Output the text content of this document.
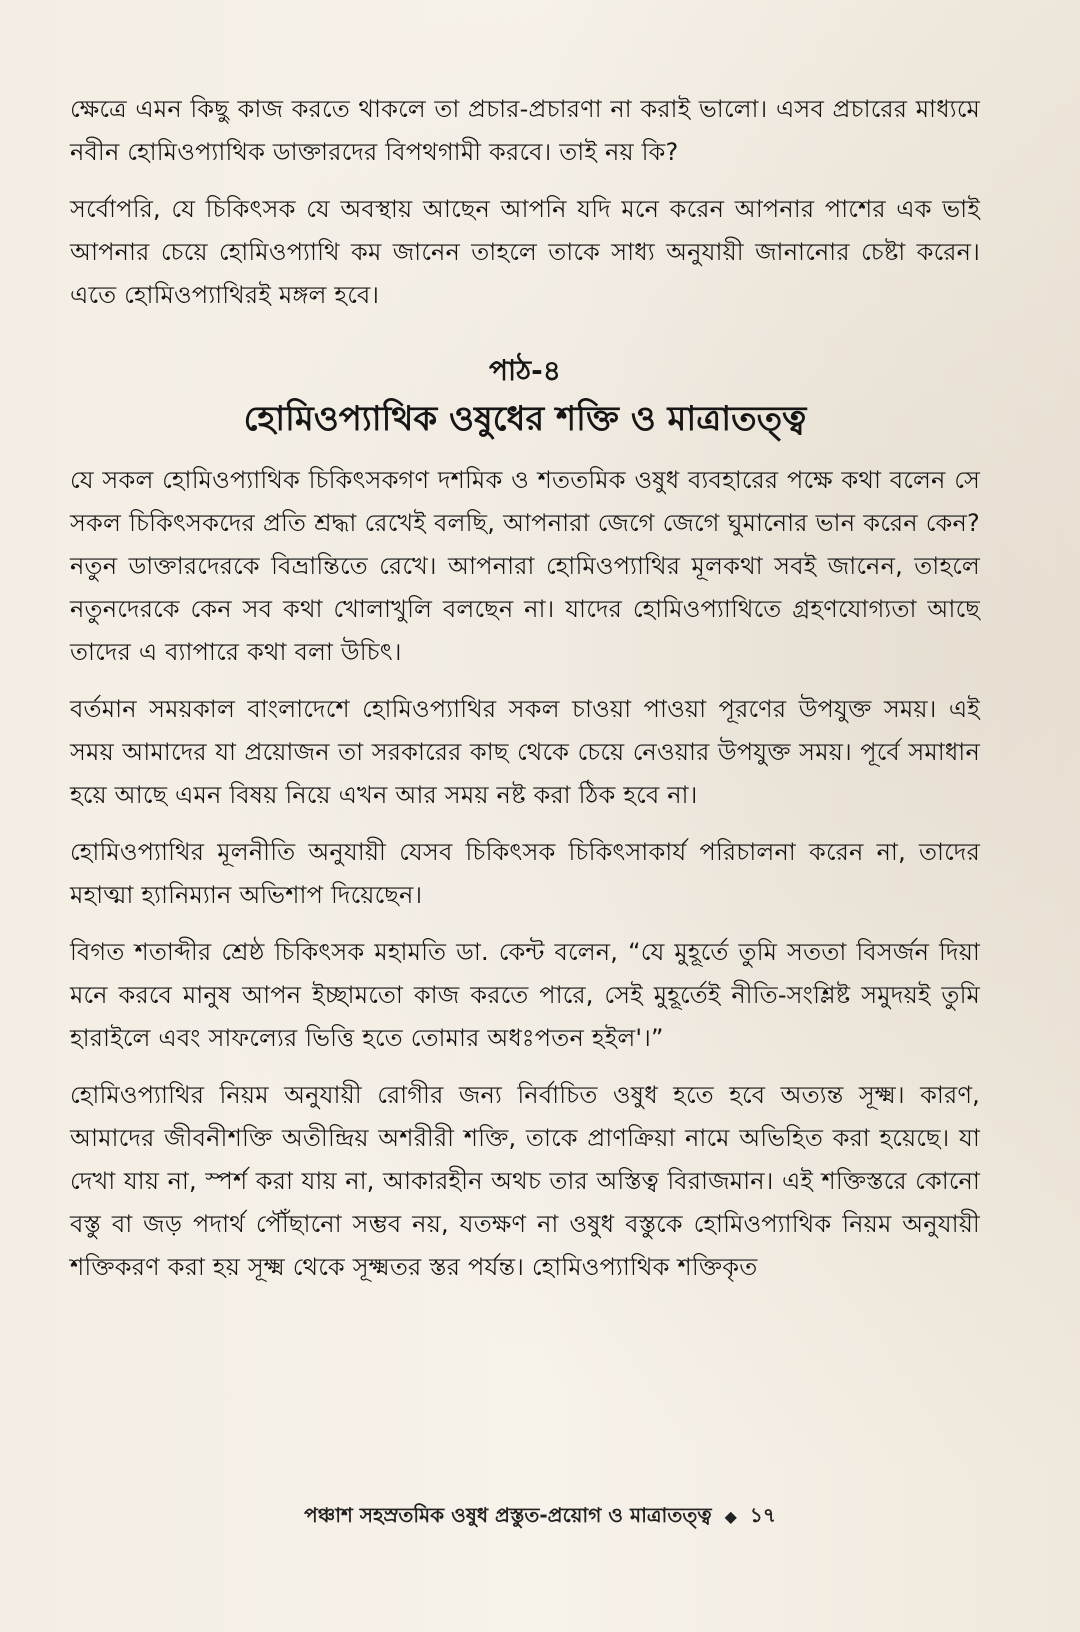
ক্ষেত্রে এমন কিছু কাজ করতে থাকলে তা প্রচার-প্রচারণা না করাই ভালো। এসব প্রচারের মাধ্যমে নবীন হোমিওপ্যাথিক ডাক্তারদের বিপথগামী করবে। তাই নয় কি?

সর্বোপরি, যে চিকিৎসক যে অবস্থায় আছেন আপনি যদি মনে করেন আপনার পাশের এক ভাই আপনার চেয়ে হোমিওপ্যাথি কম জানেন তাহলে তাকে সাধ্য অনুযায়ী জানানোর চেষ্টা করেন। এতে হোমিওপ্যাথিরই মঙ্গল হবে।

পাঠ-৪
হোমিওপ্যাথিক ওষুধের শক্তি ও মাত্রাতত্ত্ব

যে সকল হোমিওপ্যাথিক চিকিৎসকগণ দশমিক ও শততমিক ওষুধ ব্যবহারের পক্ষে কথা বলেন সে সকল চিকিৎসকদের প্রতি শ্রদ্ধা রেখেই বলছি, আপনারা জেগে জেগে ঘুমানোর ভান করেন কেন? নতুন ডাক্তারদেরকে বিভ্রান্তিতে রেখে। আপনারা হোমিওপ্যাথির মূলকথা সবই জানেন, তাহলে নতুনদেরকে কেন সব কথা খোলাখুলি বলছেন না। যাদের হোমিওপ্যাথিতে গ্রহণযোগ্যতা আছে তাদের এ ব্যাপারে কথা বলা উচিৎ।

বর্তমান সময়কাল বাংলাদেশে হোমিওপ্যাথির সকল চাওয়া পাওয়া পূরণের উপযুক্ত সময়। এই সময় আমাদের যা প্রয়োজন তা সরকারের কাছ থেকে চেয়ে নেওয়ার উপযুক্ত সময়। পূর্বে সমাধান হয়ে আছে এমন বিষয় নিয়ে এখন আর সময় নষ্ট করা ঠিক হবে না।

হোমিওপ্যাথির মূলনীতি অনুযায়ী যেসব চিকিৎসক চিকিৎসাকার্য পরিচালনা করেন না, তাদের মহাত্মা হ্যানিম্যান অভিশাপ দিয়েছেন।

বিগত শতাব্দীর শ্রেষ্ঠ চিকিৎসক মহামতি ডা. কেন্ট বলেন, “যে মুহূর্তে তুমি সততা বিসর্জন দিয়া মনে করবে মানুষ আপন ইচ্ছামতো কাজ করতে পারে, সেই মুহূর্তেই নীতি-সংশ্লিষ্ট সমুদয়ই তুমি হারাইলে এবং সাফল্যের ভিত্তি হতে তোমার অধঃপতন হইল'।”

হোমিওপ্যাথির নিয়ম অনুযায়ী রোগীর জন্য নির্বাচিত ওষুধ হতে হবে অত্যন্ত সূক্ষ্ম। কারণ, আমাদের জীবনীশক্তি অতীন্দ্রিয় অশরীরী শক্তি, তাকে প্রাণক্রিয়া নামে অভিহিত করা হয়েছে। যা দেখা যায় না, স্পর্শ করা যায় না, আকারহীন অথচ তার অস্তিত্ব বিরাজমান। এই শক্তিস্তরে কোনো বস্তু বা জড় পদার্থ পৌঁছানো সম্ভব নয়, যতক্ষণ না ওষুধ বস্তুকে হোমিওপ্যাথিক নিয়ম অনুযায়ী শক্তিকরণ করা হয় সূক্ষ্ম থেকে সূক্ষ্মতর স্তর পর্যন্ত। হোমিওপ্যাথিক শক্তিকৃত

পঞ্চাশ সহস্রতমিক ওষুধ প্রস্তুত-প্রয়োগ ও মাত্রাতত্ত্ব ◆ ১৭
